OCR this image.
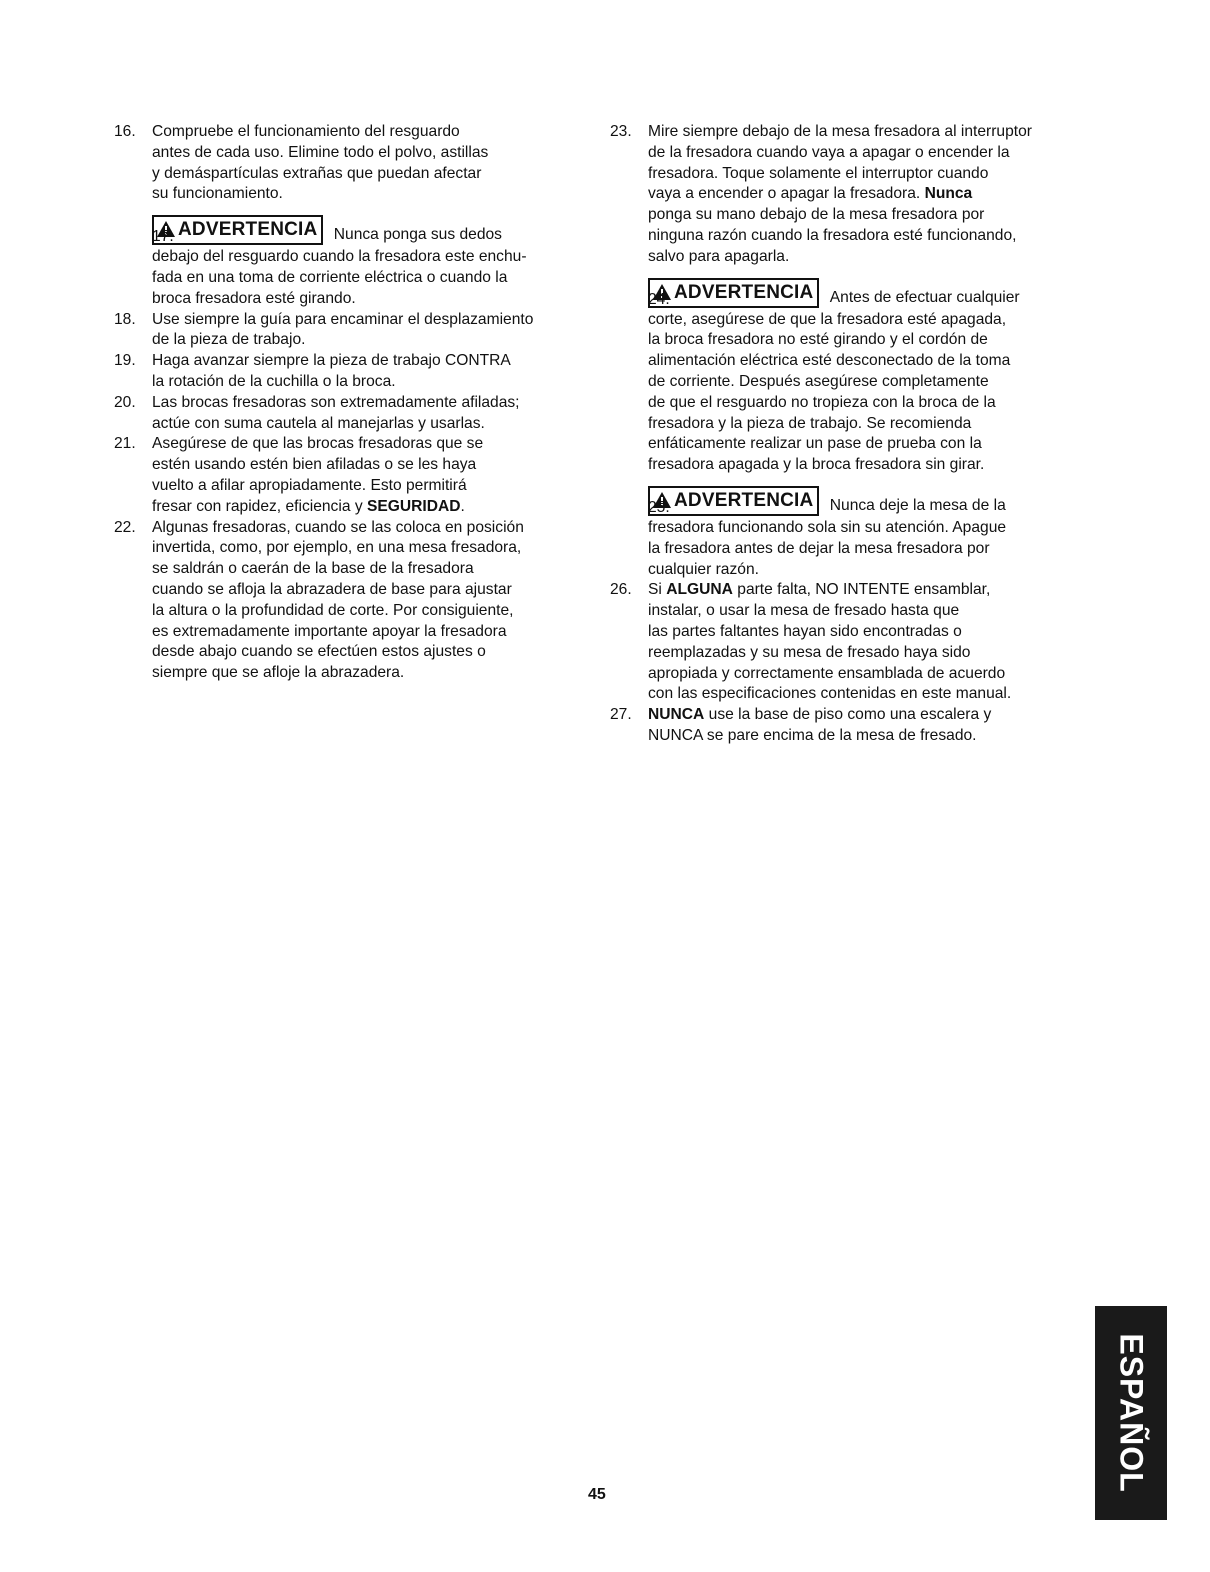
16.	Compruebe el funcionamiento del resguardo
antes de cada uso. Elimine todo el polvo, astillas
y demáspartículas extrañas que puedan afectar
su funcionamiento.
17. ADVERTENCIA Nunca ponga sus dedos
debajo del resguardo cuando la fresadora este enchu-
fada en una toma de corriente eléctrica o cuando la
broca fresadora esté girando.
18.	Use siempre la guía para encaminar el desplazamiento
de la pieza de trabajo.
19.	Haga avanzar siempre la pieza de trabajo CONTRA
la rotación de la cuchilla o la broca.
20.	Las brocas fresadoras son extremadamente afiladas;
actúe con suma cautela al manejarlas y usarlas.
21.	Asegúrese de que las brocas fresadoras que se
estén usando estén bien afiladas o se les haya
vuelto a afilar apropiadamente. Esto permitirá
fresar con rapidez, eficiencia y SEGURIDAD.
22.	Algunas fresadoras, cuando se las coloca en posición
invertida, como, por ejemplo, en una mesa fresadora,
se saldrán o caerán de la base de la fresadora
cuando se afloja la abrazadera de base para ajustar
la altura o la profundidad de corte. Por consiguiente,
es extremadamente importante apoyar la fresadora
desde abajo cuando se efectúen estos ajustes o
siempre que se afloje la abrazadera.
23.	Mire siempre debajo de la mesa fresadora al interruptor
de la fresadora cuando vaya a apagar o encender la
fresadora. Toque solamente el interruptor cuando
vaya a encender o apagar la fresadora. Nunca
ponga su mano debajo de la mesa fresadora por
ninguna razón cuando la fresadora esté funcionando,
salvo para apagarla.
24. ADVERTENCIA Antes de efectuar cualquier
corte, asegúrese de que la fresadora esté apagada,
la broca fresadora no esté girando y el cordón de
alimentación eléctrica esté desconectado de la toma
de corriente. Después asegúrese completamente
de que el resguardo no tropieza con la broca de la
fresadora y la pieza de trabajo. Se recomienda
enfáticamente realizar un pase de prueba con la
fresadora apagada y la broca fresadora sin girar.
25. ADVERTENCIA Nunca deje la mesa de la
fresadora funcionando sola sin su atención. Apague
la fresadora antes de dejar la mesa fresadora por
cualquier razón.
26.	Si ALGUNA parte falta, NO INTENTE ensamblar,
instalar, o usar la mesa de fresado hasta que
las partes faltantes hayan sido encontradas o
reemplazadas y su mesa de fresado haya sido
apropiada y correctamente ensamblada de acuerdo
con las especificaciones contenidas en este manual.
27.	NUNCA use la base de piso como una escalera y
NUNCA se pare encima de la mesa de fresado.
45
ESPAÑOL
